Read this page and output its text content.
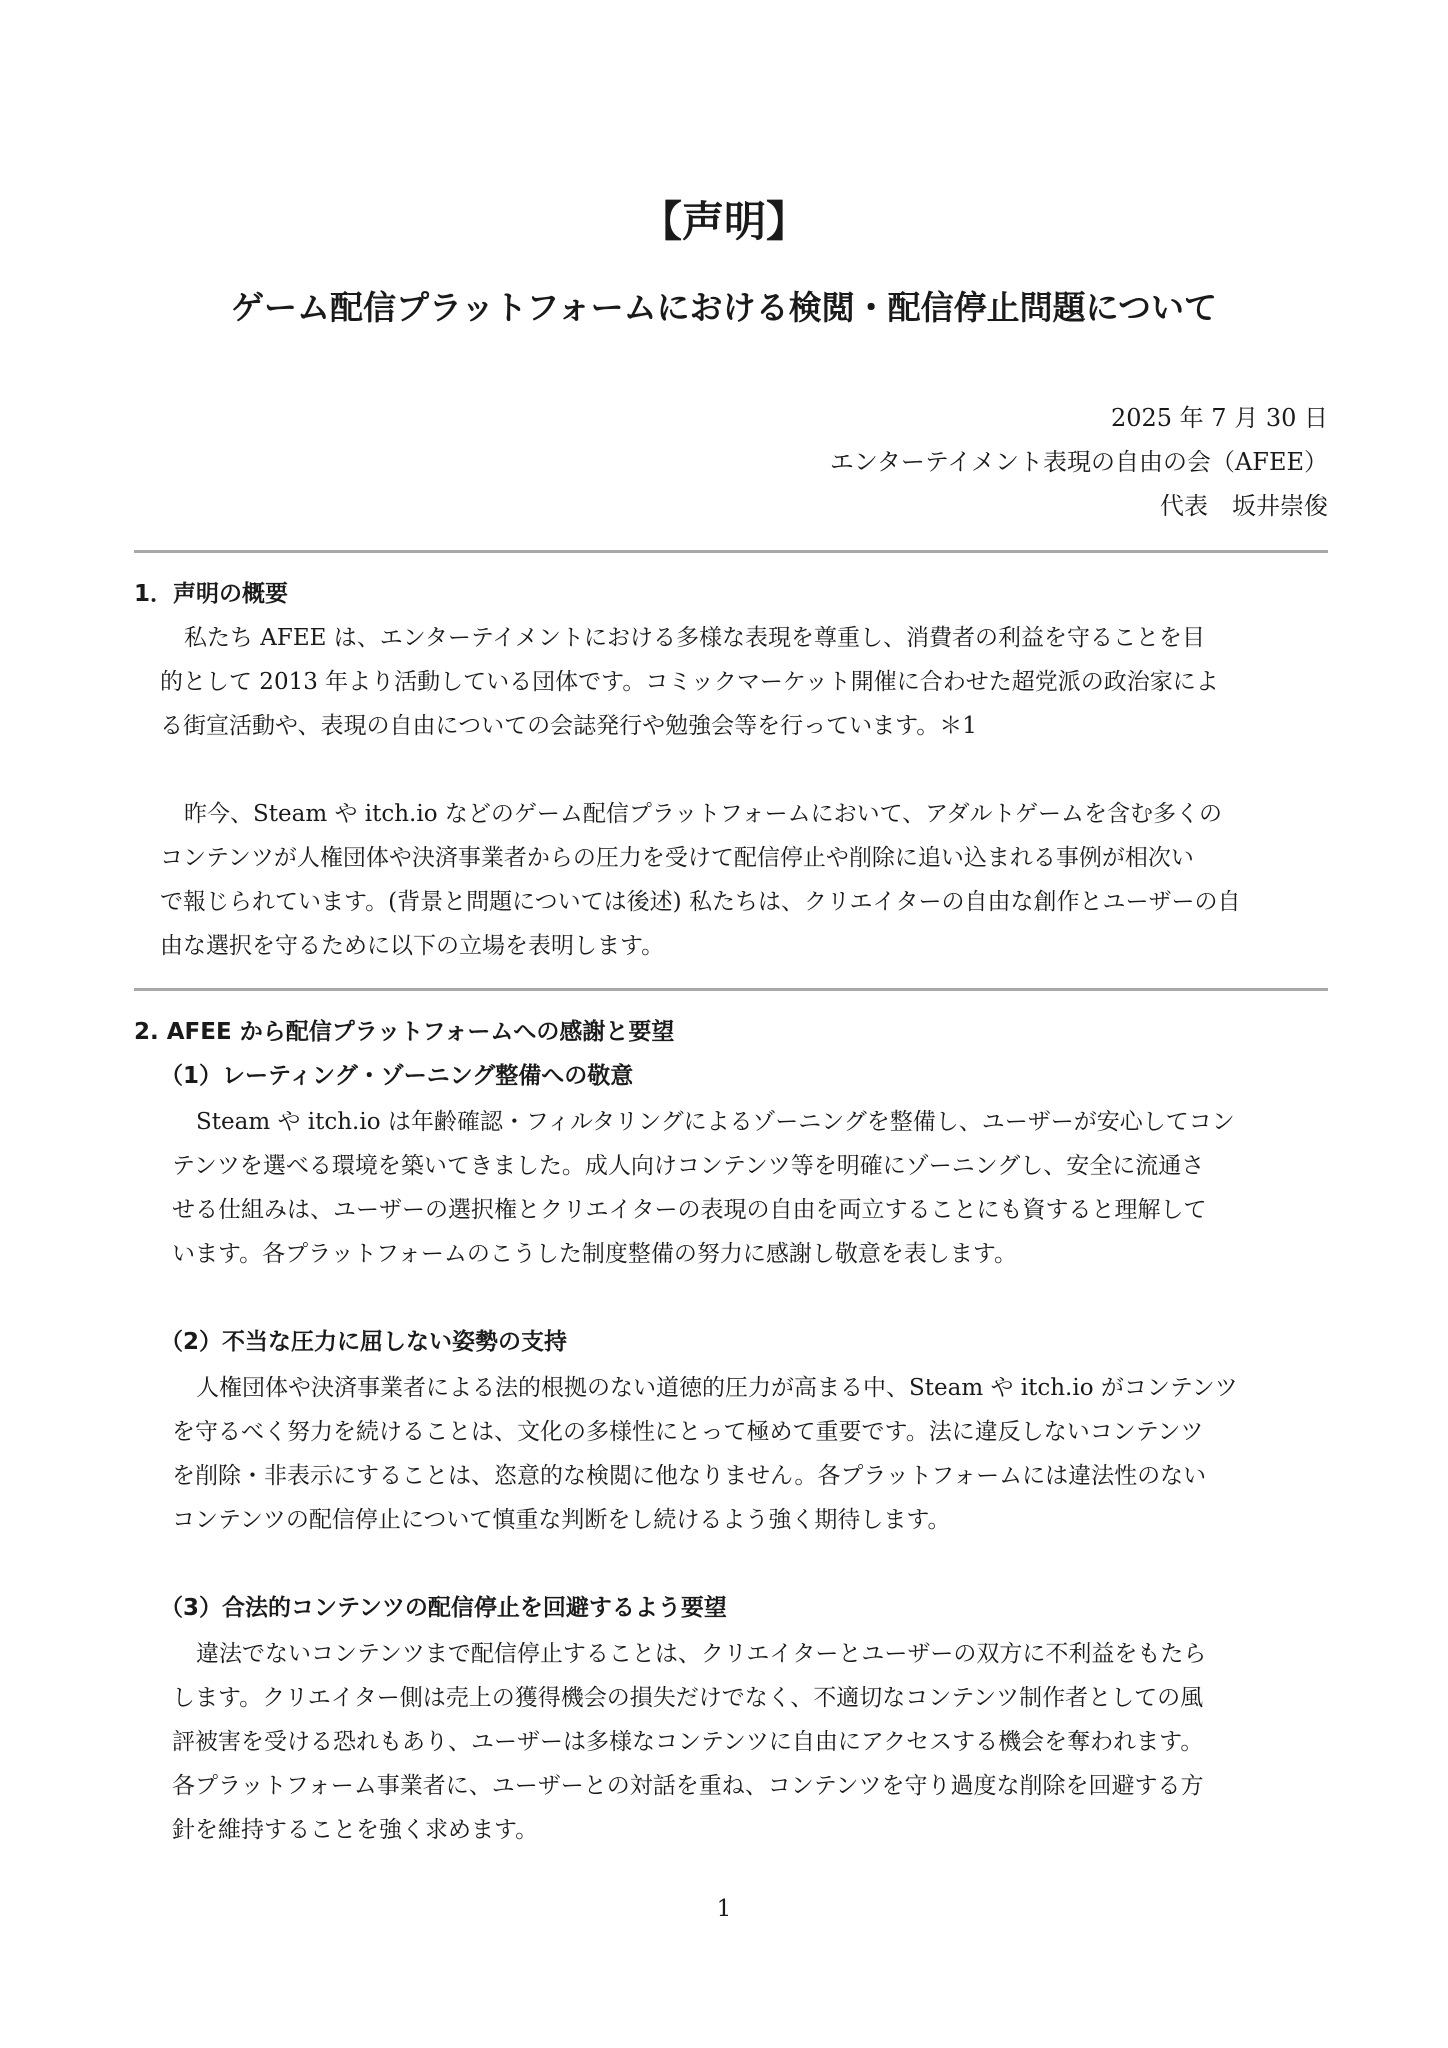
【声明】
ゲーム配信プラットフォームにおける検閲・配信停止問題について
2025 年 7 月 30 日
エンターテイメント表現の自由の会（AFEE）
代表　坂井崇俊
1．声明の概要
私たち AFEE は、エンターテイメントにおける多様な表現を尊重し、消費者の利益を守ることを目
的として 2013 年より活動している団体です。コミックマーケット開催に合わせた超党派の政治家によ
る街宣活動や、表現の自由についての会誌発行や勉強会等を行っています。＊1
昨今、Steam や itch.io などのゲーム配信プラットフォームにおいて、アダルトゲームを含む多くの
コンテンツが人権団体や決済事業者からの圧力を受けて配信停止や削除に追い込まれる事例が相次い
で報じられています。(背景と問題については後述) 私たちは、クリエイターの自由な創作とユーザーの自
由な選択を守るために以下の立場を表明します。
2. AFEE から配信プラットフォームへの感謝と要望
（1）レーティング・ゾーニング整備への敬意
Steam や itch.io は年齢確認・フィルタリングによるゾーニングを整備し、ユーザーが安心してコン
テンツを選べる環境を築いてきました。成人向けコンテンツ等を明確にゾーニングし、安全に流通さ
せる仕組みは、ユーザーの選択権とクリエイターの表現の自由を両立することにも資すると理解して
います。各プラットフォームのこうした制度整備の努力に感謝し敬意を表します。
（2）不当な圧力に屈しない姿勢の支持
人権団体や決済事業者による法的根拠のない道徳的圧力が高まる中、Steam や itch.io がコンテンツ
を守るべく努力を続けることは、文化の多様性にとって極めて重要です。法に違反しないコンテンツ
を削除・非表示にすることは、恣意的な検閲に他なりません。各プラットフォームには違法性のない
コンテンツの配信停止について慎重な判断をし続けるよう強く期待します。
（3）合法的コンテンツの配信停止を回避するよう要望
違法でないコンテンツまで配信停止することは、クリエイターとユーザーの双方に不利益をもたら
します。クリエイター側は売上の獲得機会の損失だけでなく、不適切なコンテンツ制作者としての風
評被害を受ける恐れもあり、ユーザーは多様なコンテンツに自由にアクセスする機会を奪われます。
各プラットフォーム事業者に、ユーザーとの対話を重ね、コンテンツを守り過度な削除を回避する方
針を維持することを強く求めます。
1
